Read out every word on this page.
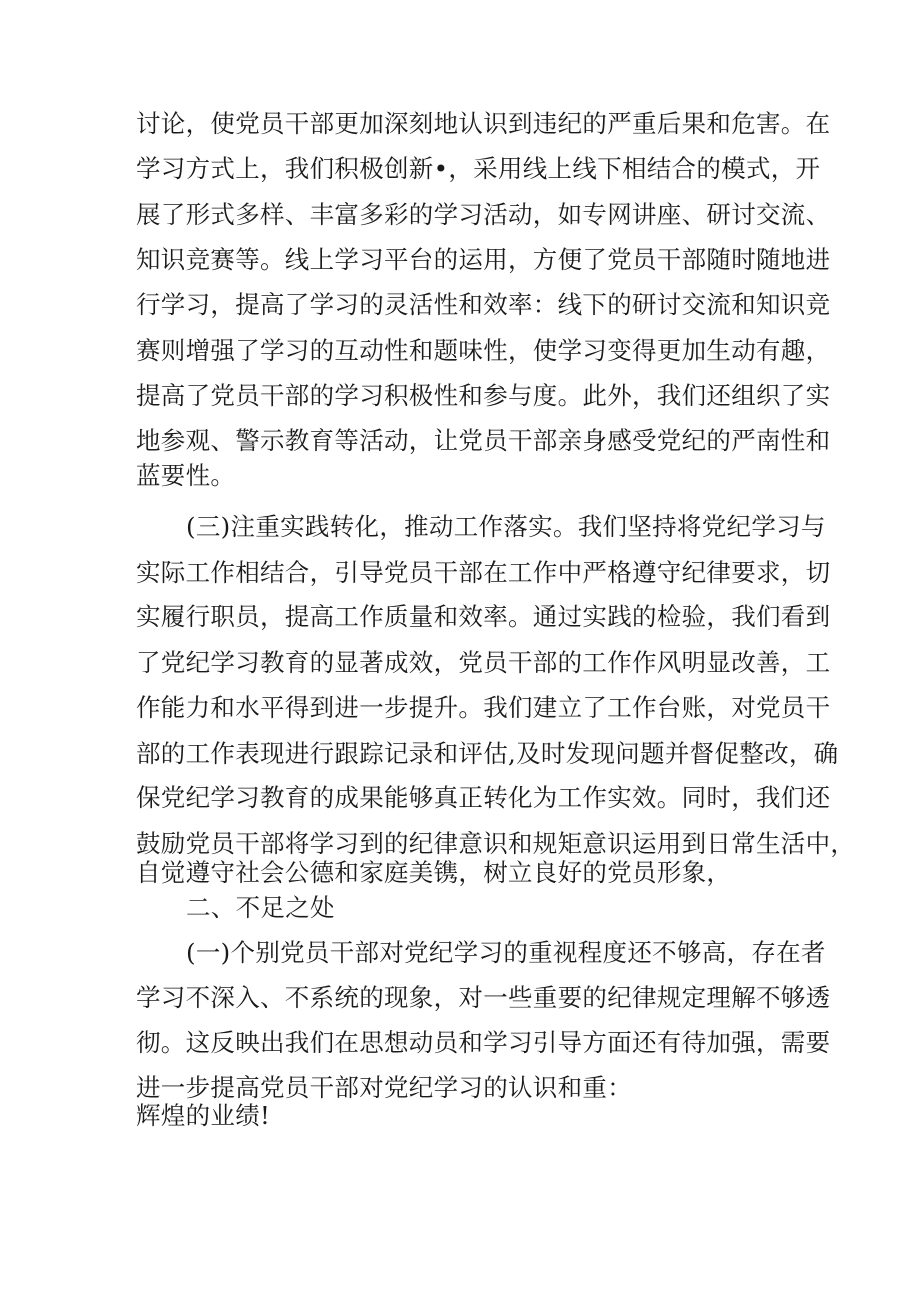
讨论，使党员干部更加深刻地认识到违纪的严重后果和危害。在
学习方式上，我们积极创新•，采用线上线下相结合的模式，开
展了形式多样、丰富多彩的学习活动，如专网讲座、研讨交流、
知识竞赛等。线上学习平台的运用，方便了党员干部随时随地进
行学习，提高了学习的灵活性和效率：线下的研讨交流和知识竞
赛则增强了学习的互动性和题味性，使学习变得更加生动有趣，
提高了党员干部的学习积极性和参与度。此外，我们还组织了实
地参观、警示教育等活动，让党员干部亲身感受党纪的严南性和
蓝要性。
(三)注重实践转化，推动工作落实。我们坚持将党纪学习与
实际工作相结合，引导党员干部在工作中严格遵守纪律要求，切
实履行职员，提高工作质量和效率。通过实践的检验，我们看到
了党纪学习教育的显著成效，党员干部的工作作风明显改善，工
作能力和水平得到进一步提升。我们建立了工作台账，对党员干
部的工作表现进行跟踪记录和评估,及时发现问题并督促整改，确
保党纪学习教育的成果能够真正转化为工作实效。同时，我们还
鼓励党员干部将学习到的纪律意识和规矩意识运用到日常生活中，
自觉遵守社会公德和家庭美镌，树立良好的党员形象，
二、不足之处
(一)个别党员干部对党纪学习的重视程度还不够高，存在者
学习不深入、不系统的现象，对一些重要的纪律规定理解不够透
彻。这反映出我们在思想动员和学习引导方面还有待加强，需要
进一步提高党员干部对党纪学习的认识和重：
辉煌的业绩!
